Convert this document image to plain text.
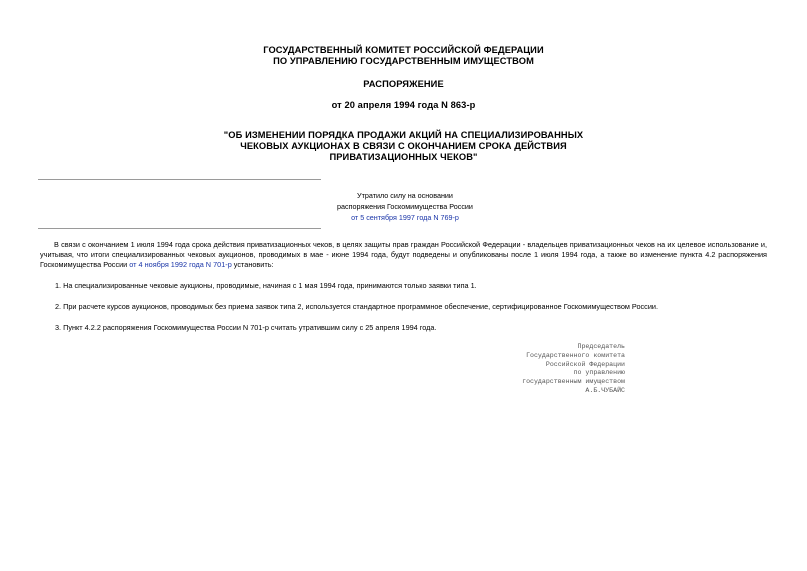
ГОСУДАРСТВЕННЫЙ КОМИТЕТ РОССИЙСКОЙ ФЕДЕРАЦИИ
ПО УПРАВЛЕНИЮ ГОСУДАРСТВЕННЫМ ИМУЩЕСТВОМ
РАСПОРЯЖЕНИЕ
от 20 апреля 1994 года N 863-р
"ОБ ИЗМЕНЕНИИ ПОРЯДКА ПРОДАЖИ АКЦИЙ НА СПЕЦИАЛИЗИРОВАННЫХ
ЧЕКОВЫХ АУКЦИОНАХ В СВЯЗИ С ОКОНЧАНИЕМ СРОКА ДЕЙСТВИЯ
ПРИВАТИЗАЦИОННЫХ ЧЕКОВ"
Утратило силу на основании
распоряжения Госкомимущества России
от 5 сентября 1997 года N 769-р
В связи с окончанием 1 июля 1994 года срока действия приватизационных чеков, в целях защиты прав граждан Российской Федерации - владельцев приватизационных чеков на их целевое использование и, учитывая, что итоги специализированных чековых аукционов, проводимых в мае - июне 1994 года, будут подведены и опубликованы после 1 июля 1994 года, а также во изменение пункта 4.2 распоряжения Госкомимущества России от 4 ноября 1992 года N 701-р установить:
1. На специализированные чековые аукционы, проводимые, начиная с 1 мая 1994 года, принимаются только заявки типа 1.
2. При расчете курсов аукционов, проводимых без приема заявок типа 2, используется стандартное программное обеспечение, сертифицированное Госкомимуществом России.
3. Пункт 4.2.2 распоряжения Госкомимущества России N 701-р считать утратившим силу с 25 апреля 1994 года.
Председатель
Государственного комитета
Российской Федерации
по управлению
государственным имуществом
А.Б.ЧУБАЙС
